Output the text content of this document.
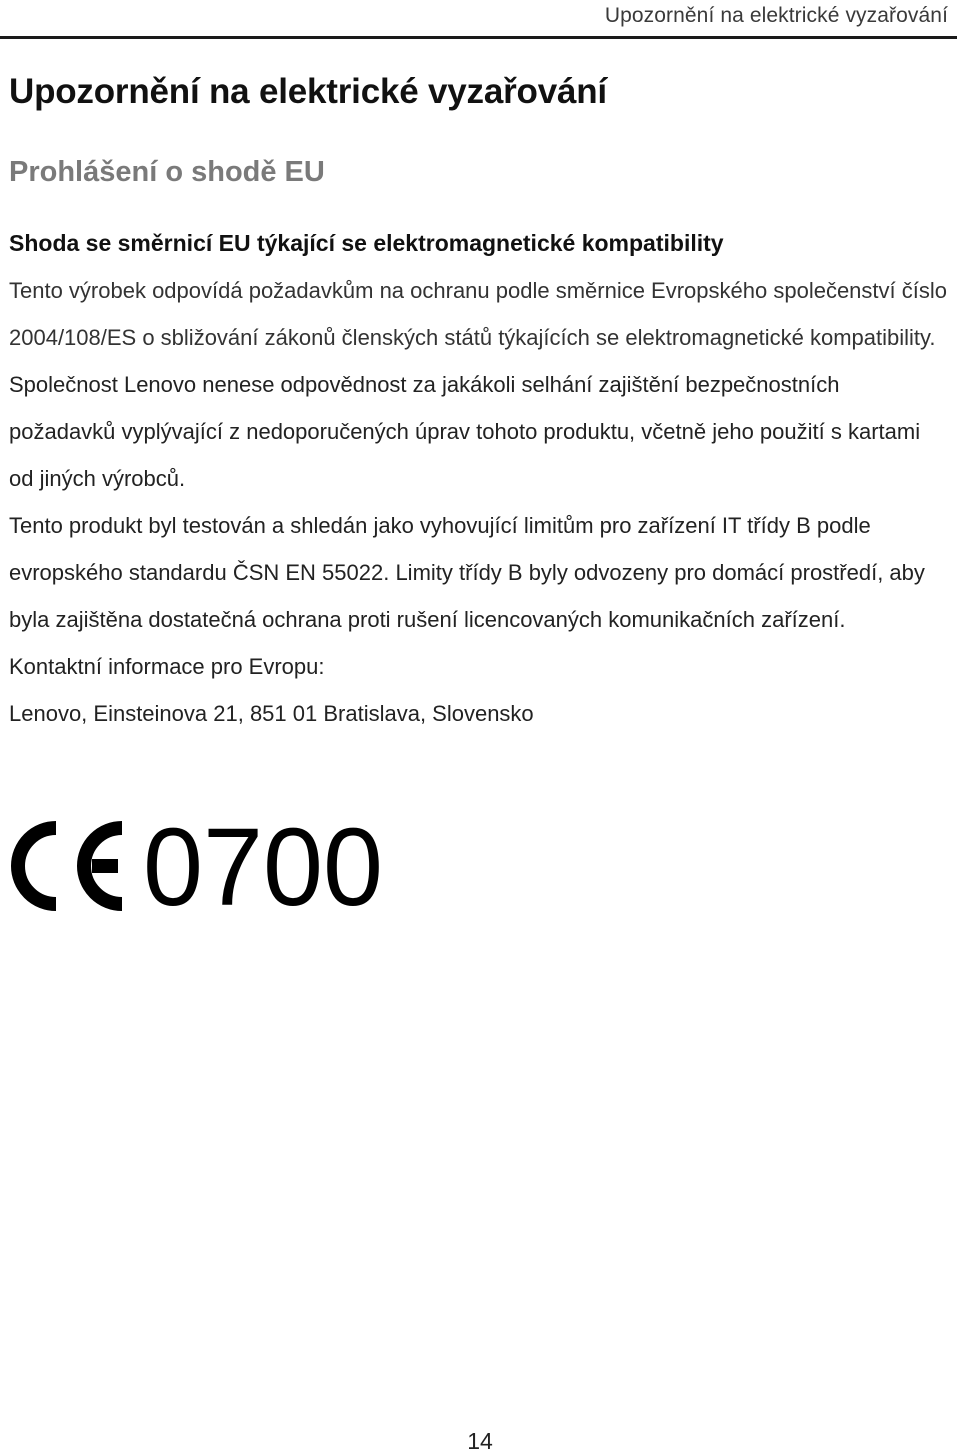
Upozornění na elektrické vyzařování
Upozornění na elektrické vyzařování
Prohlášení o shodě EU
Shoda se směrnicí EU týkající se elektromagnetické kompatibility

Tento výrobek odpovídá požadavkům na ochranu podle směrnice Evropského společenství číslo 2004/108/ES o sbližování zákonů členských států týkajících se elektromagnetické kompatibility. Společnost Lenovo nenese odpovědnost za jakákoli selhání zajištění bezpečnostních požadavků vyplývající z nedoporučených úprav tohoto produktu, včetně jeho použití s kartami od jiných výrobců.

Tento produkt byl testován a shledán jako vyhovující limitům pro zařízení IT třídy B podle evropského standardu ČSN EN 55022. Limity třídy B byly odvozeny pro domácí prostředí, aby byla zajištěna dostatečná ochrana proti rušení licencovaných komunikačních zařízení.

Kontaktní informace pro Evropu:

Lenovo, Einsteinova 21, 851 01 Bratislava, Slovensko

0700
14
